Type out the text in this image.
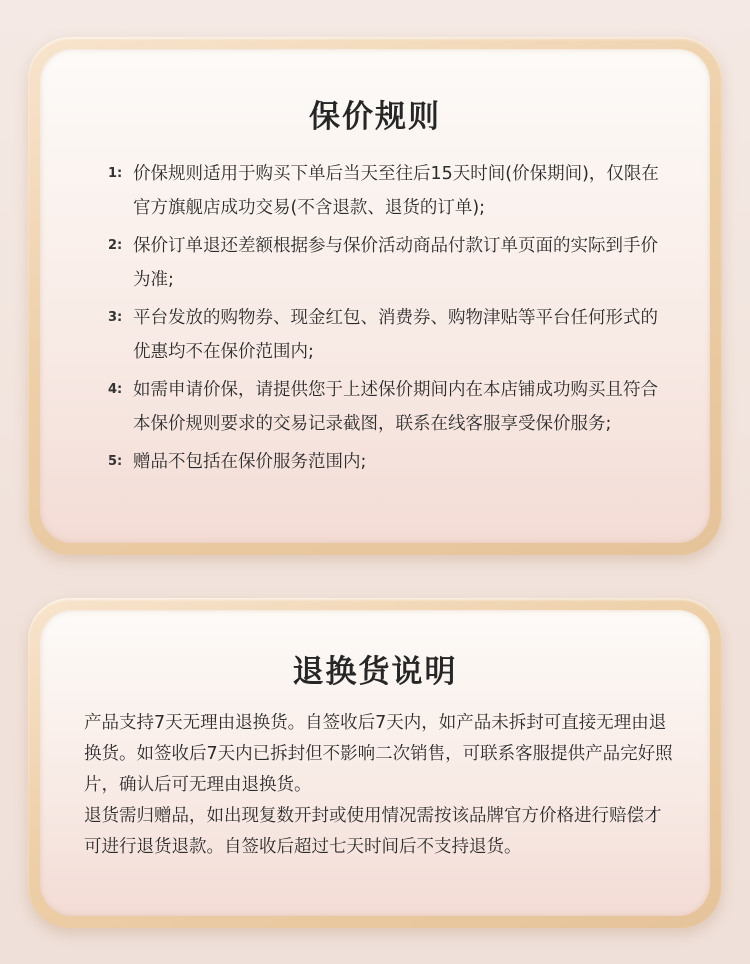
保价规则
1: 价保规则适用于购买下单后当天至往后15天时间(价保期间)，仅限在官方旗舰店成功交易(不含退款、退货的订单);
2: 保价订单退还差额根据参与保价活动商品付款订单页面的实际到手价为准;
3: 平台发放的购物券、现金红包、消费券、购物津贴等平台任何形式的优惠均不在保价范围内;
4: 如需申请价保，请提供您于上述保价期间内在本店铺成功购买且符合本保价规则要求的交易记录截图，联系在线客服享受保价服务;
5: 赠品不包括在保价服务范围内;
退换货说明

产品支持7天无理由退换货。自签收后7天内，如产品未拆封可直接无理由退换货。如签收后7天内已拆封但不影响二次销售，可联系客服提供产品完好照片，确认后可无理由退换货。

退货需归赠品，如出现复数开封或使用情况需按该品牌官方价格进行赔偿才可进行退货退款。自签收后超过七天时间后不支持退货。
